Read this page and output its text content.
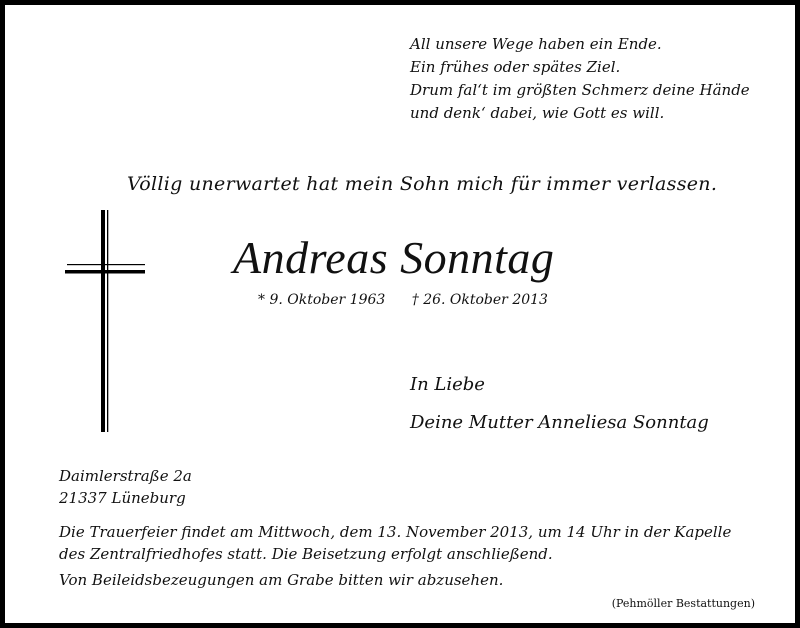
All unsere Wege haben ein Ende.
Ein frühes oder spätes Ziel.
Drum fal‘t im größten Schmerz deine Hände
und denk‘ dabei, wie Gott es will.
Völlig unerwartet hat mein Sohn mich für immer verlassen.
Andreas Sonntag
* 9. Oktober 1963 † 26. Oktober 2013
In Liebe
Deine Mutter Anneliesa Sonntag
Daimlerstraße 2a
21337 Lüneburg
Die Trauerfeier findet am Mittwoch, dem 13. November 2013, um 14 Uhr in der Kapelle
des Zentralfriedhofes statt. Die Beisetzung erfolgt anschließend.
Von Beileidsbezeugungen am Grabe bitten wir abzusehen.
(Pehmöller Bestattungen)
